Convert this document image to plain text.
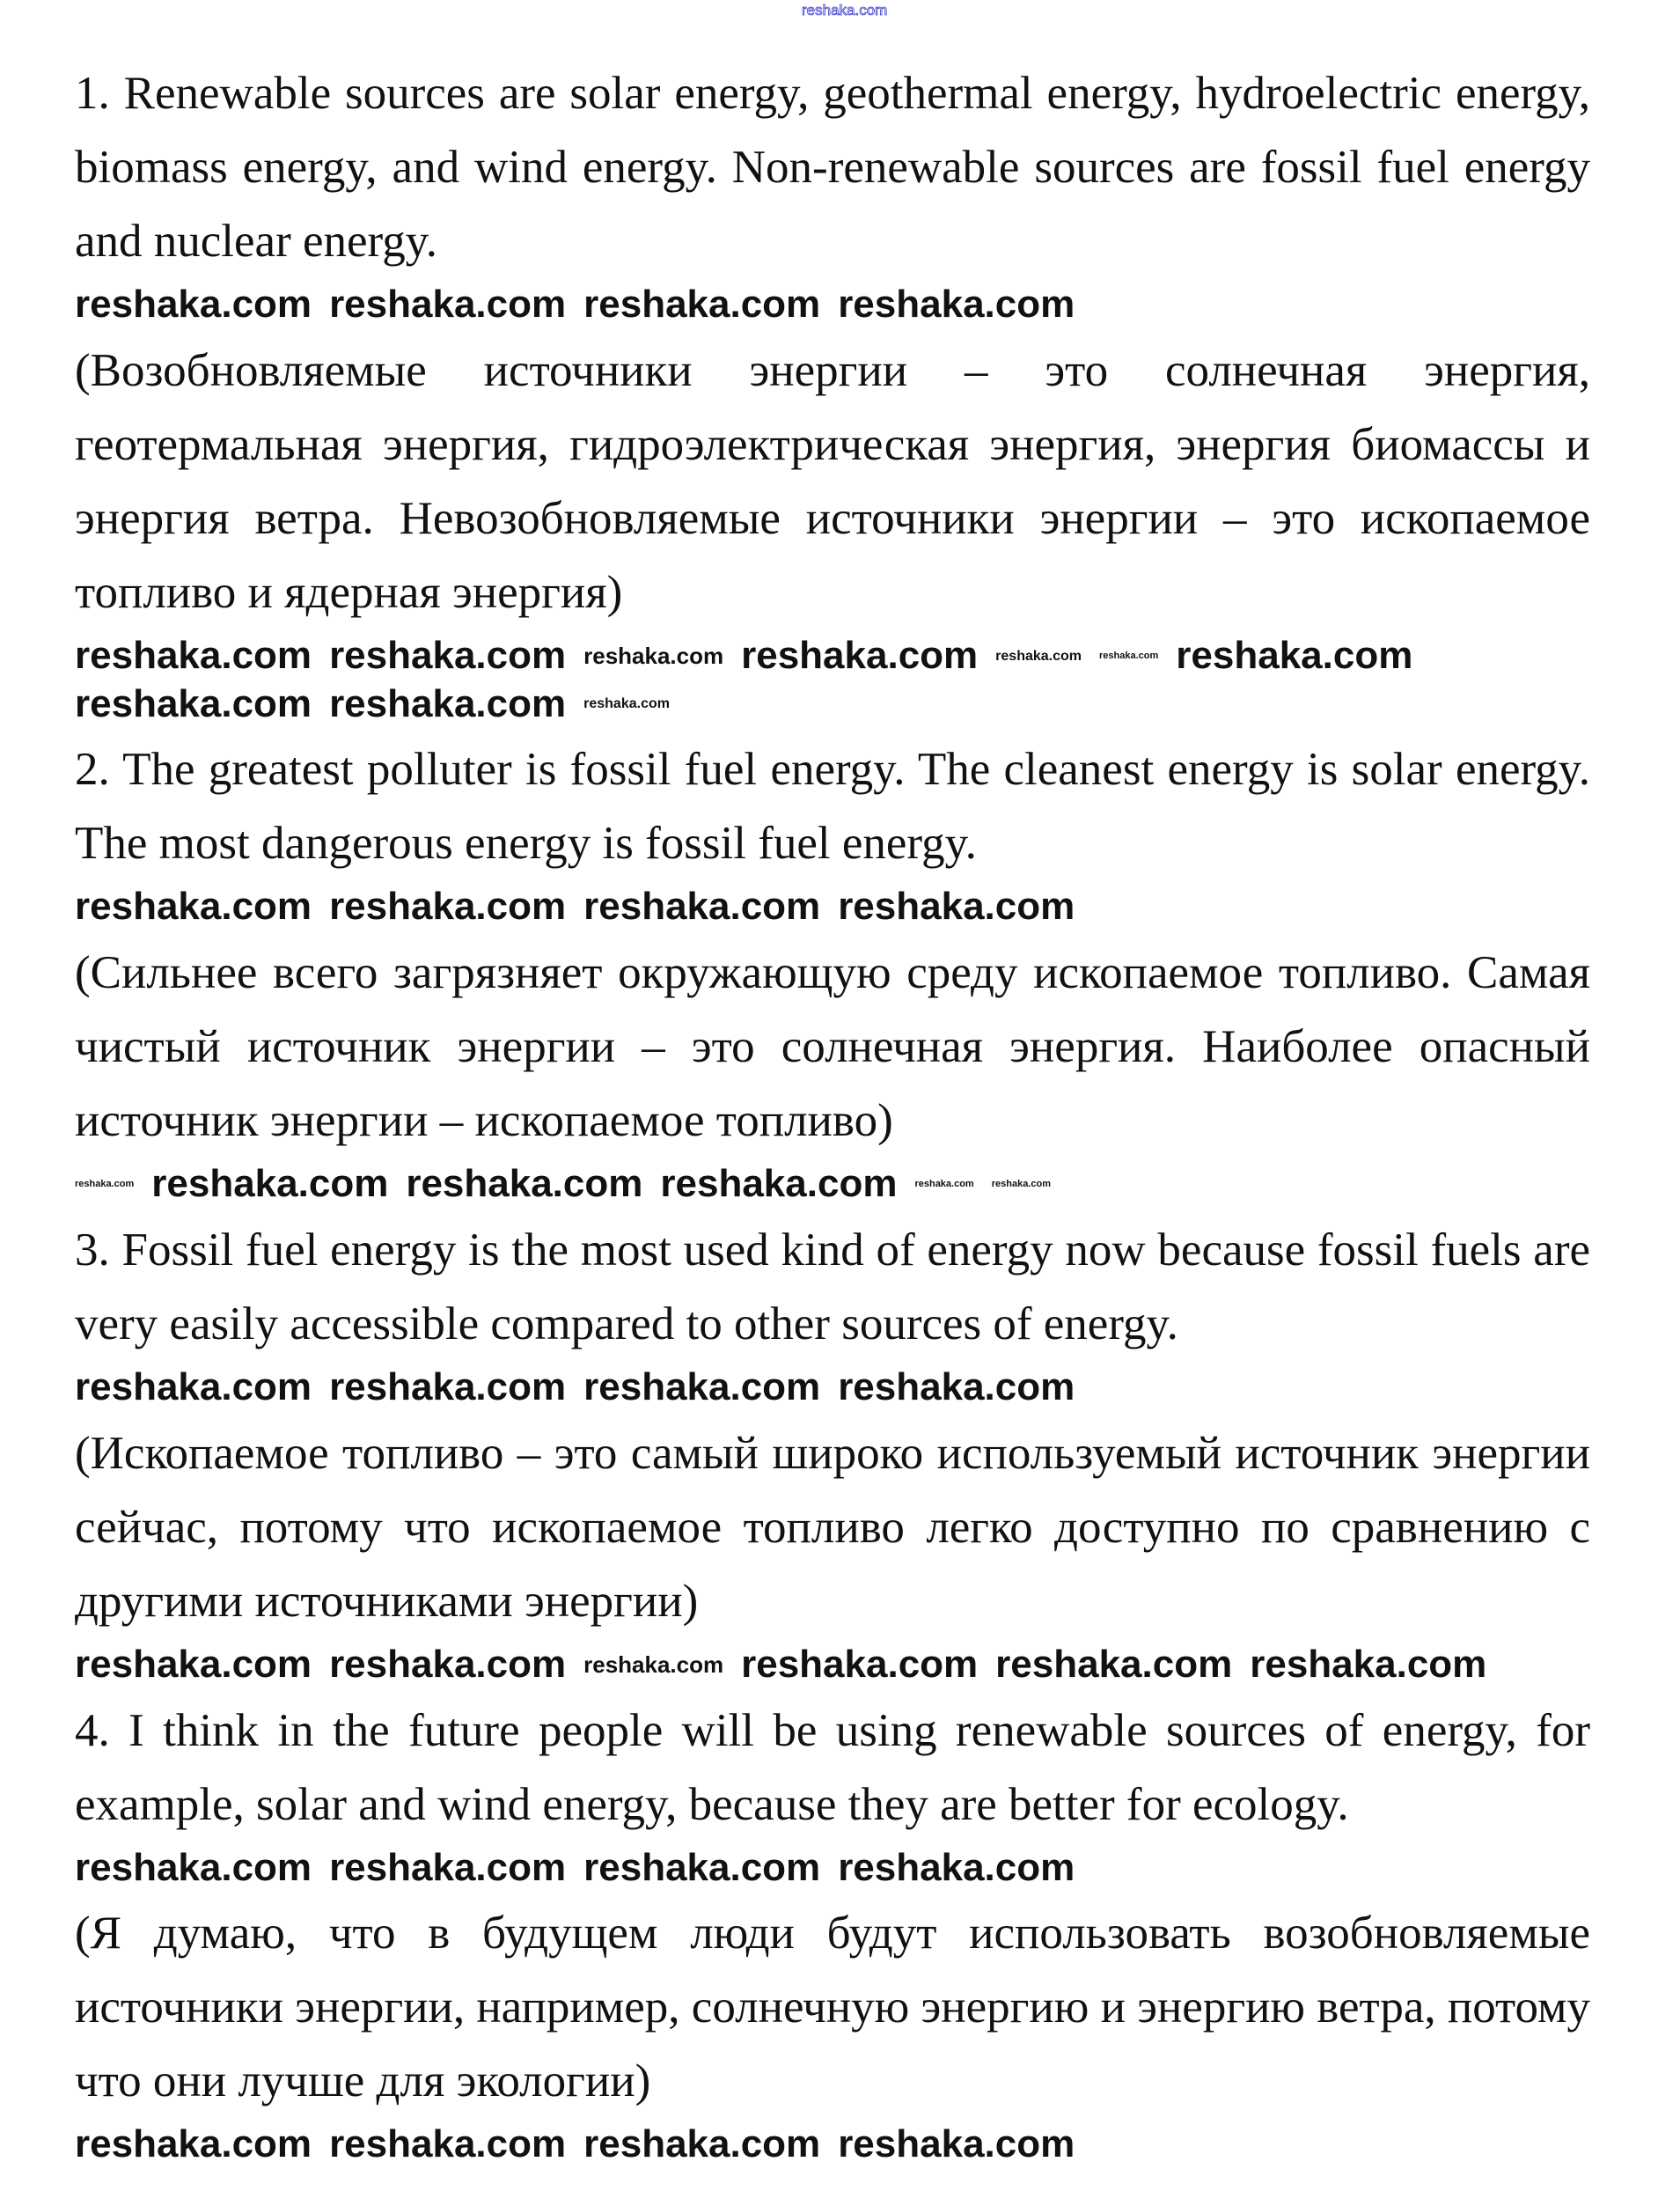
reshaka.com

1. Renewable sources are solar energy, geothermal energy, hydroelectric energy, biomass energy, and wind energy. Non-renewable sources are fossil fuel energy and nuclear energy.

reshaka.com reshaka.com reshaka.com reshaka.com

(Возобновляемые источники энергии – это солнечная энергия, геотермальная энергия, гидроэлектрическая энергия, энергия биомассы и энергия ветра. Невозобновляемые источники энергии – это ископаемое топливо и ядерная энергия)

reshaka.com reshaka.com reshaka.com reshaka.com reshaka.com reshaka.com reshaka.com
reshaka.com reshaka.com reshaka.com

2. The greatest polluter is fossil fuel energy. The cleanest energy is solar energy. The most dangerous energy is fossil fuel energy.

reshaka.com reshaka.com reshaka.com reshaka.com

(Сильнее всего загрязняет окружающую среду ископаемое топливо. Самая чистый источник энергии – это солнечная энергия. Наиболее опасный источник энергии – ископаемое топливо)

reshaka.com reshaka.com reshaka.com reshaka.com reshaka.com reshaka.com

3. Fossil fuel energy is the most used kind of energy now because fossil fuels are very easily accessible compared to other sources of energy.

reshaka.com reshaka.com reshaka.com reshaka.com

(Ископаемое топливо – это самый широко используемый источник энергии сейчас, потому что ископаемое топливо легко доступно по сравнению с другими источниками энергии)

reshaka.com reshaka.com reshaka.com reshaka.com reshaka.com reshaka.com

4. I think in the future people will be using renewable sources of energy, for example, solar and wind energy, because they are better for ecology.

reshaka.com reshaka.com reshaka.com reshaka.com

(Я думаю, что в будущем люди будут использовать возобновляемые источники энергии, например, солнечную энергию и энергию ветра, потому что они лучше для экологии)

reshaka.com reshaka.com reshaka.com reshaka.com
